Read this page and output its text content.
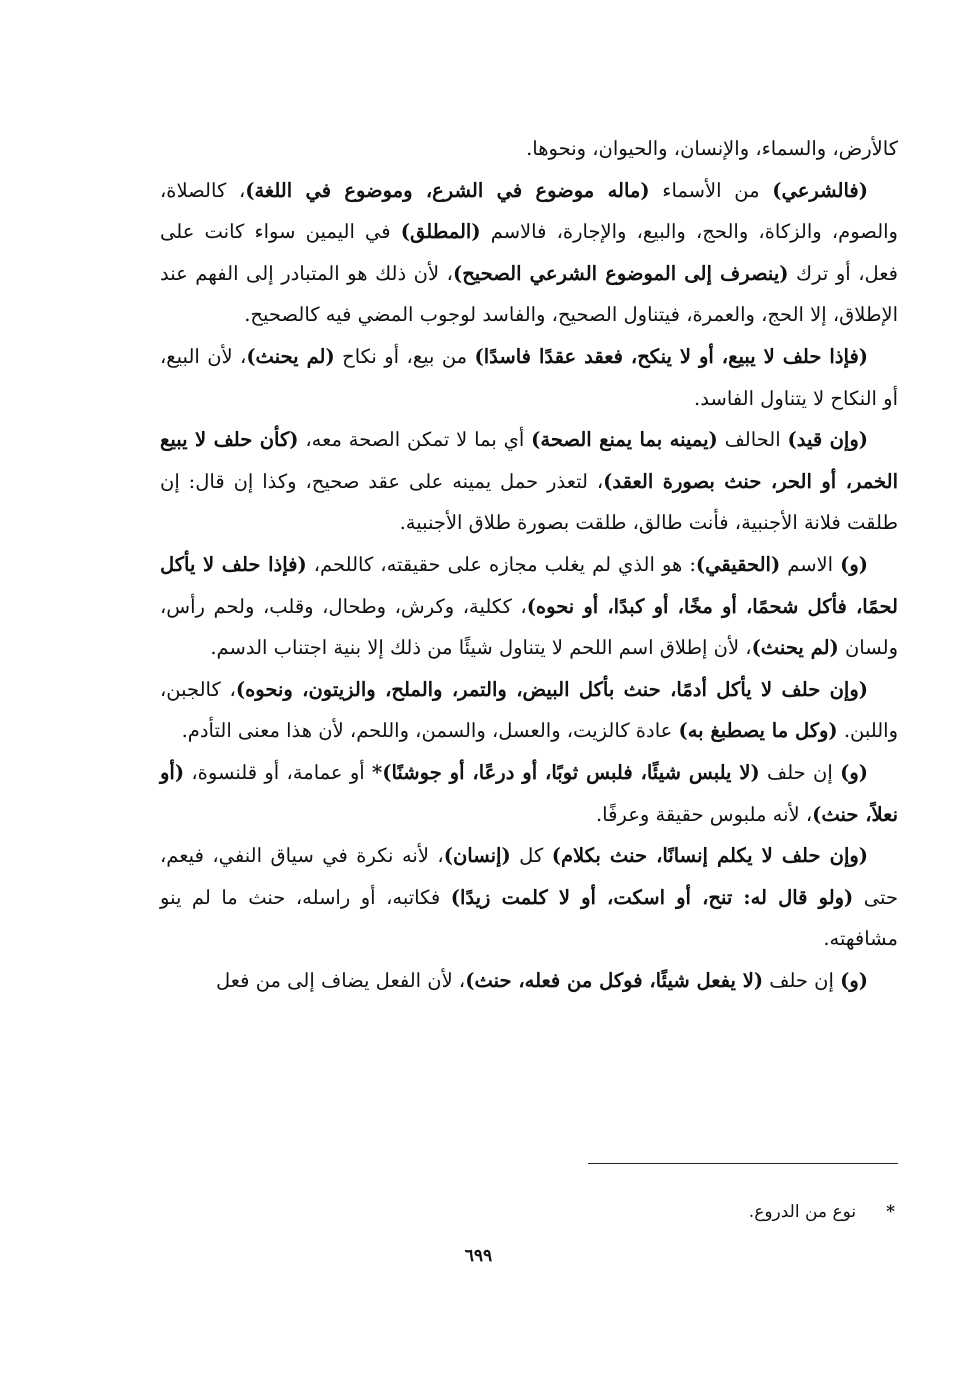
كالأرض، والسماء، والإنسان، والحيوان، ونحوها.

(فالشرعي) من الأسماء (ماله موضوع في الشرع، وموضوع في اللغة)، كالصلاة، والصوم، والزكاة، والحج، والبيع، والإجارة، فالاسم (المطلق) في اليمين سواء كانت على فعل، أو ترك (ينصرف إلى الموضوع الشرعي الصحيح)، لأن ذلك هو المتبادر إلى الفهم عند الإطلاق، إلا الحج، والعمرة، فيتناول الصحيح، والفاسد لوجوب المضي فيه كالصحيح.

(فإذا حلف لا يبيع، أو لا ينكح، فعقد عقدًا فاسدًا) من بيع، أو نكاح (لم يحنث)، لأن البيع، أو النكاح لا يتناول الفاسد.

(وإن قيد) الحالف (يمينه بما يمنع الصحة) أي بما لا تمكن الصحة معه، (كأن حلف لا يبيع الخمر، أو الحر، حنث بصورة العقد)، لتعذر حمل يمينه على عقد صحيح، وكذا إن قال: إن طلقت فلانة الأجنبية، فأنت طالق، طلقت بصورة طلاق الأجنبية.

(و) الاسم (الحقيقي): هو الذي لم يغلب مجازه على حقيقته، كاللحم، (فإذا حلف لا يأكل لحمًا، فأكل شحمًا، أو مخًا، أو كبدًا، أو نحوه)، ككلية، وكرش، وطحال، وقلب، ولحم رأس، ولسان (لم يحنث)، لأن إطلاق اسم اللحم لا يتناول شيئًا من ذلك إلا بنية اجتناب الدسم.

(وإن حلف لا يأكل أدمًا، حنث بأكل البيض، والتمر، والملح، والزيتون، ونحوه)، كالجبن، واللبن. (وكل ما يصطبغ به) عادة كالزيت، والعسل، والسمن، واللحم، لأن هذا معنى التأدم.

(و) إن حلف (لا يلبس شيئًا، فلبس ثوبًا، أو درعًا، أو جوشنًا)* أو عمامة، أو قلنسوة، (أو نعلاً، حنث)، لأنه ملبوس حقيقة وعرفًا.

(وإن حلف لا يكلم إنسانًا، حنث بكلام) كل (إنسان)، لأنه نكرة في سياق النفي، فيعم، حتى (ولو قال له: تنح، أو اسكت، أو لا كلمت زيدًا) فكاتبه، أو راسله، حنث ما لم ينو مشافهته.

(و) إن حلف (لا يفعل شيئًا، فوكل من فعله، حنث)، لأن الفعل يضاف إلى من فعل

*نوع من الدروع.
٦٩٩
